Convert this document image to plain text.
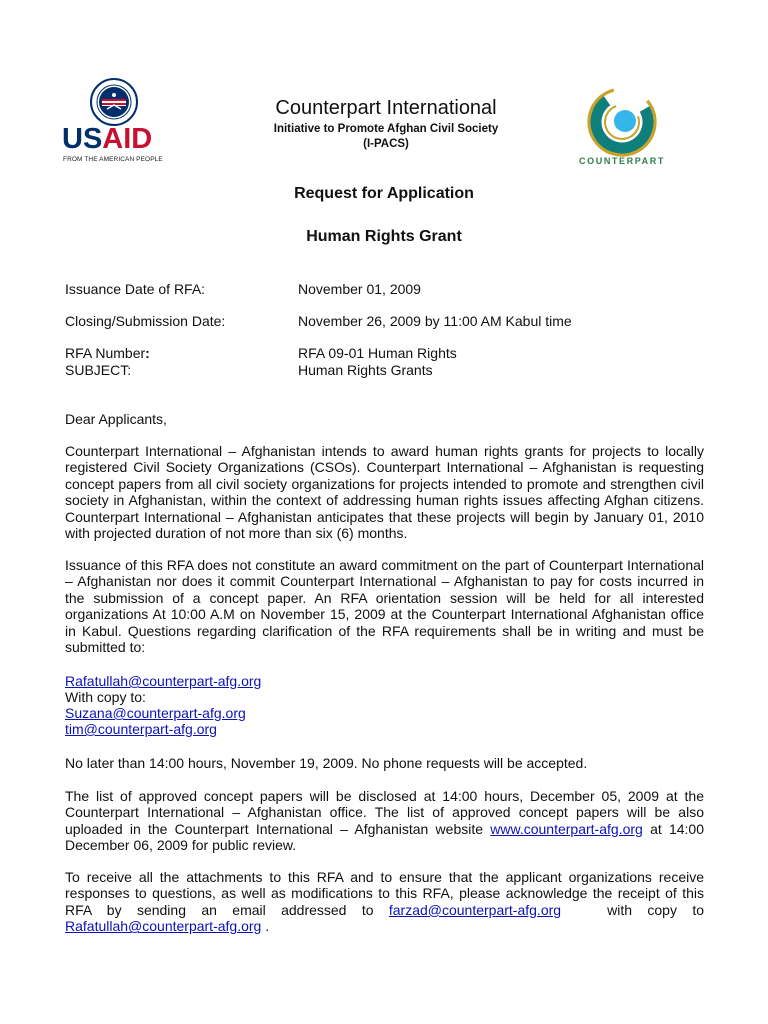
USAID
FROM THE AMERICAN PEOPLE
Counterpart International
Initiative to Promote Afghan Civil Society
(I-PACS)
COUNTERPART
Request for Application
Human Rights Grant
Issuance Date of RFA:	November 01, 2009
Closing/Submission Date:	November 26, 2009 by 11:00 AM Kabul time
RFA Number:	RFA 09-01 Human Rights
SUBJECT:	Human Rights Grants
Dear Applicants,
Counterpart International – Afghanistan intends to award human rights grants for projects to locally registered Civil Society Organizations (CSOs). Counterpart International – Afghanistan is requesting concept papers from all civil society organizations for projects intended to promote and strengthen civil society in Afghanistan, within the context of addressing human rights issues affecting Afghan citizens. Counterpart International – Afghanistan anticipates that these projects will begin by January 01, 2010 with projected duration of not more than six (6) months.
Issuance of this RFA does not constitute an award commitment on the part of Counterpart International – Afghanistan nor does it commit Counterpart International – Afghanistan to pay for costs incurred in the submission of a concept paper. An RFA orientation session will be held for all interested organizations At 10:00 A.M on November 15, 2009 at the Counterpart International Afghanistan office in Kabul. Questions regarding clarification of the RFA requirements shall be in writing and must be submitted to:
Rafatullah@counterpart-afg.org
With copy to:
Suzana@counterpart-afg.org
tim@counterpart-afg.org
No later than 14:00 hours, November 19, 2009. No phone requests will be accepted.
The list of approved concept papers will be disclosed at 14:00 hours, December 05, 2009 at the Counterpart International – Afghanistan office. The list of approved concept papers will be also uploaded in the Counterpart International – Afghanistan website www.counterpart-afg.org at 14:00 December 06, 2009 for public review.
To receive all the attachments to this RFA and to ensure that the applicant organizations receive responses to questions, as well as modifications to this RFA, please acknowledge the receipt of this RFA by sending an email addressed to farzad@counterpart-afg.org	with copy to Rafatullah@counterpart-afg.org .
